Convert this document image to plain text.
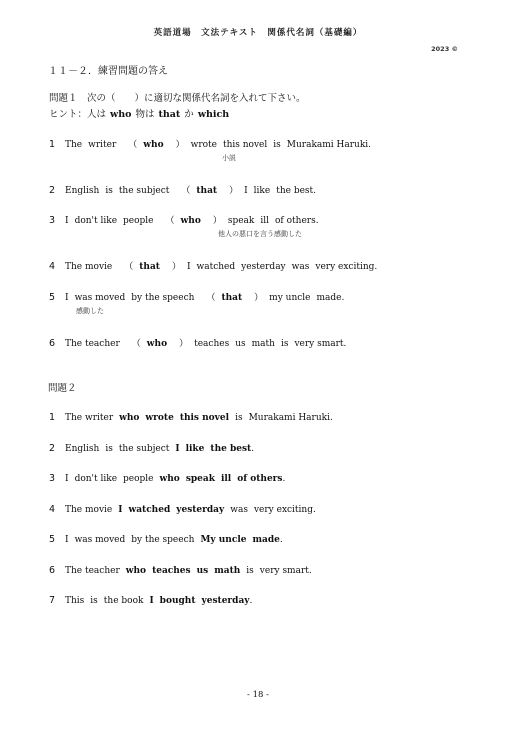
英語道場　文法テキスト　関係代名詞（基礎編）
2023 ©
１１－２．練習問題の答え
問題１　次の（　　）に適切な関係代名詞を入れて下さい。
ヒント：人は who 物は that か which
1 The writer （ who ） wrote this novel is Murakami Haruki.
小説
2 English is the subject （ that ） I like the best.
3 I don't like people （ who ） speak ill of others.
他人の悪口を言う感動した
4 The movie （ that ） I watched yesterday was very exciting.
5 I was moved by the speech （ that ） my uncle made.
感動した
6 The teacher （ who ） teaches us math is very smart.
問題２
1 The writer who wrote this novel is Murakami Haruki.
2 English is the subject I like the best.
3 I don't like people who speak ill of others.
4 The movie I watched yesterday was very exciting.
5 I was moved by the speech My uncle made.
6 The teacher who teaches us math is very smart.
7 This is the book I bought yesterday.
- 18 -
